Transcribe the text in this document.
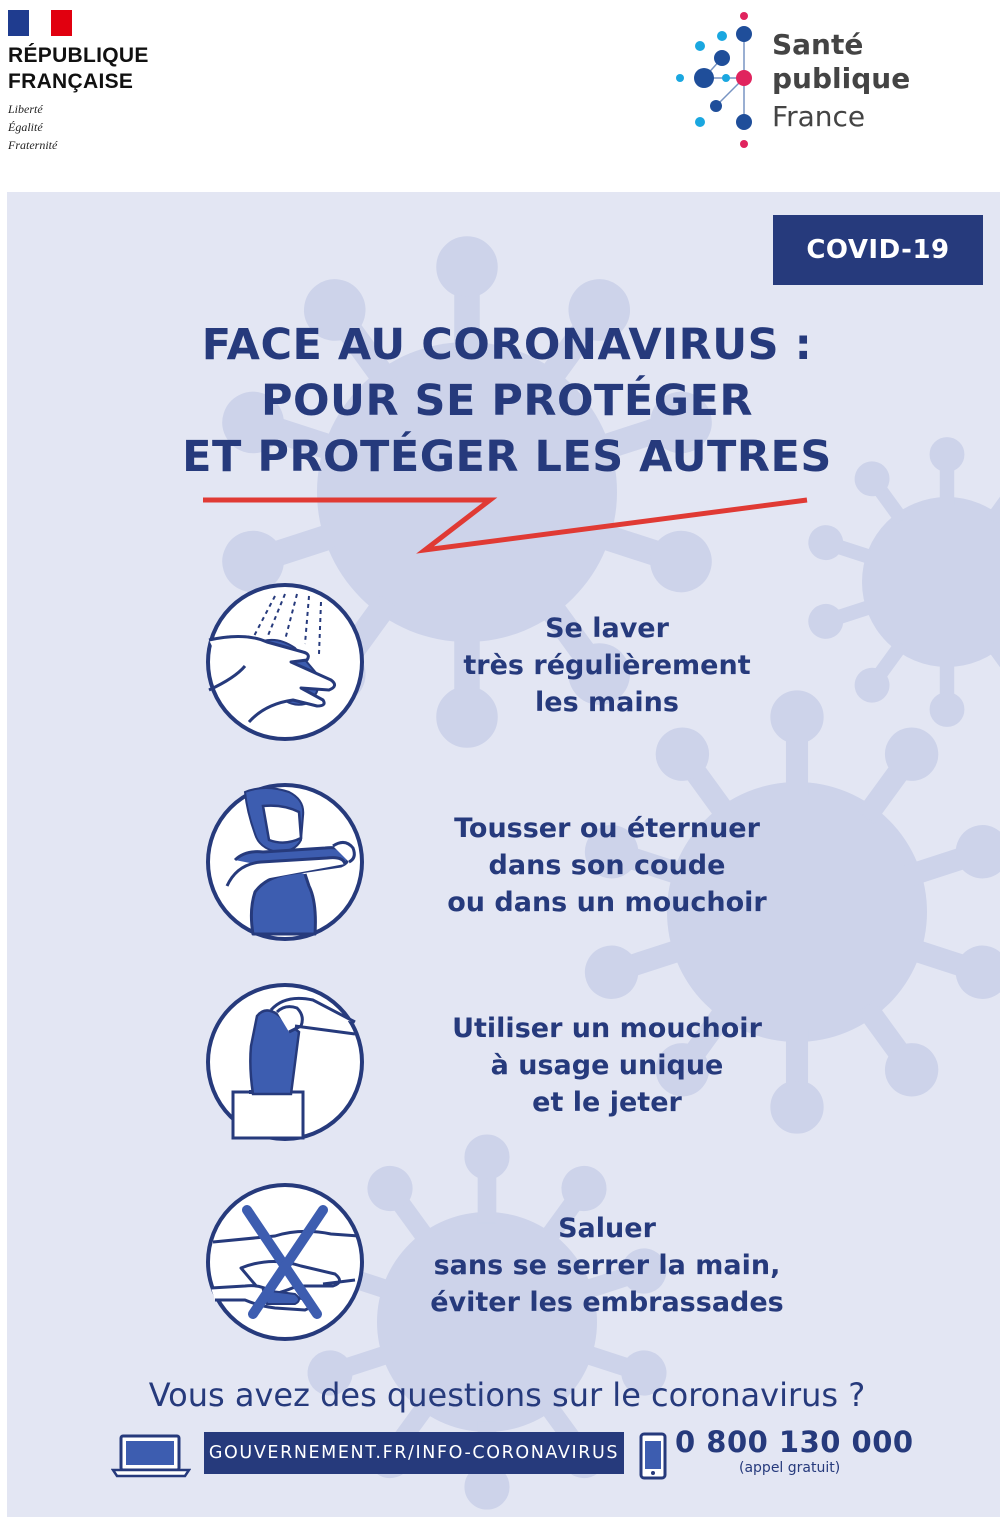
RÉPUBLIQUE
FRANÇAISE
Liberté
Égalité
Fraternité
Santé
publique
France
COVID-19
FACE AU CORONAVIRUS :
POUR SE PROTÉGER
ET PROTÉGER LES AUTRES
Se laver
très régulièrement
les mains
Tousser ou éternuer
dans son coude
ou dans un mouchoir
Utiliser un mouchoir
à usage unique
et le jeter
Saluer
sans se serrer la main,
éviter les embrassades
Vous avez des questions sur le coronavirus ?
GOUVERNEMENT.FR/INFO-CORONAVIRUS 0 800 130 000
(appel gratuit)
